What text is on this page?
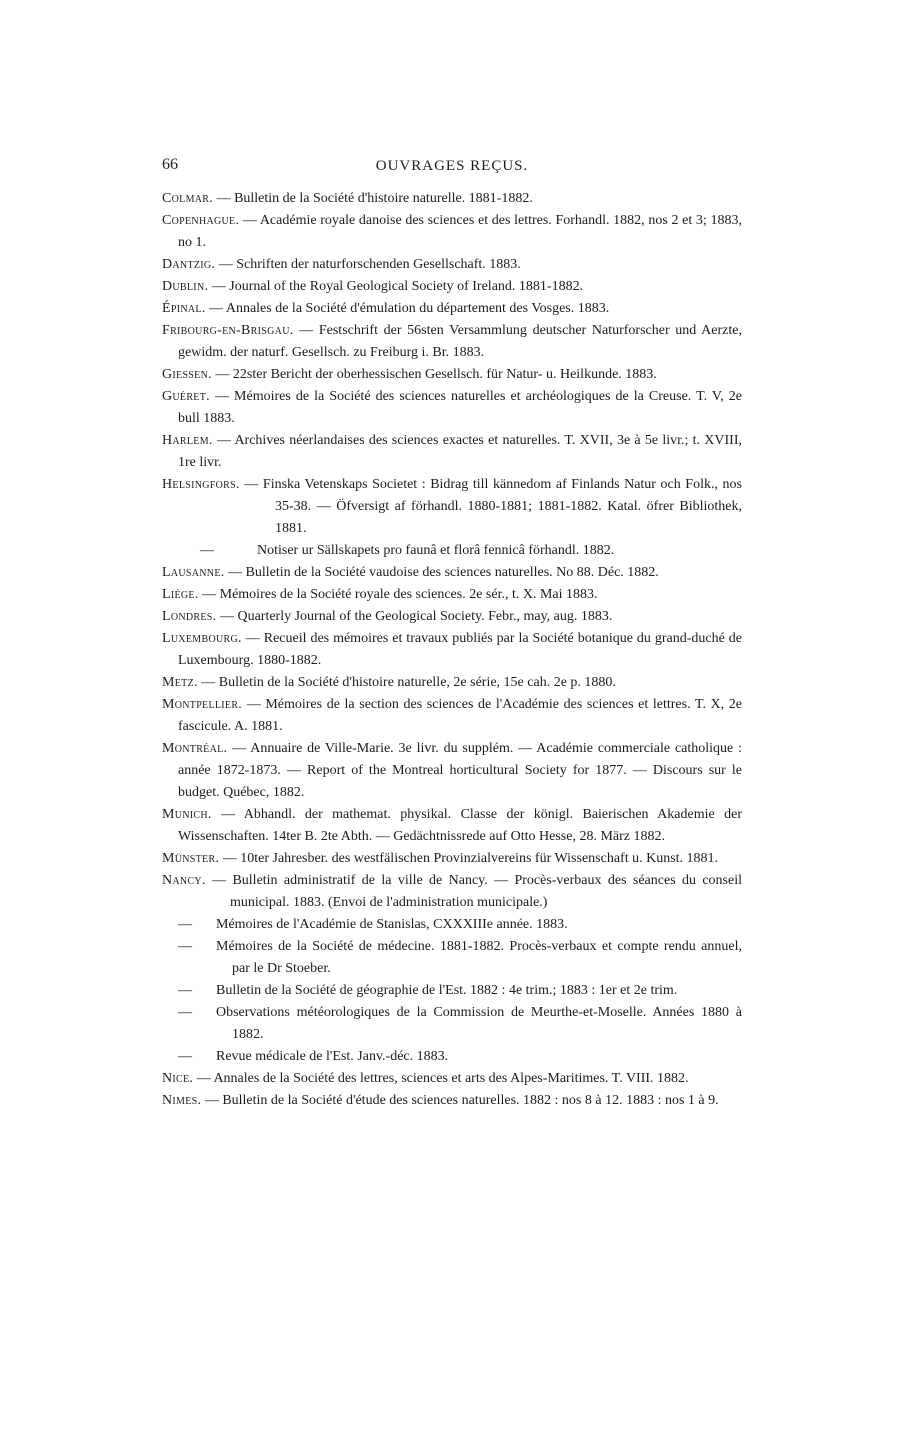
66	OUVRAGES REÇUS.
Colmar. — Bulletin de la Société d'histoire naturelle. 1881-1882.
Copenhague. — Académie royale danoise des sciences et des lettres. Forhandl. 1882, nos 2 et 3; 1883, no 1.
Dantzig. — Schriften der naturforschenden Gesellschaft. 1883.
Dublin. — Journal of the Royal Geological Society of Ireland. 1881-1882.
Épinal. — Annales de la Société d'émulation du département des Vosges. 1883.
Fribourg-en-Brisgau. — Festschrift der 56sten Versammlung deutscher Naturforscher und Aerzte, gewidm. der naturf. Gesellsch. zu Freiburg i. Br. 1883.
Giessen. — 22ster Bericht der oberhessischen Gesellsch. für Natur- u. Heilkunde. 1883.
Guéret. — Mémoires de la Société des sciences naturelles et archéologiques de la Creuse. T. V, 2e bull 1883.
Harlem. — Archives néerlandaises des sciences exactes et naturelles. T. XVII, 3e à 5e livr.; t. XVIII, 1re livr.
Helsingfors. — Finska Vetenskaps Societet : Bidrag till kännedom af Finlands Natur och Folk., nos 35-38. — Öfversigt af förhandl. 1880-1881; 1881-1882. Katal. öfrer Bibliothek, 1881.
—	Notiser ur Sällskapets pro faunâ et florâ fennicâ förhandl. 1882.
Lausanne. — Bulletin de la Société vaudoise des sciences naturelles. No 88. Déc. 1882.
Liége. — Mémoires de la Société royale des sciences. 2e sér., t. X. Mai 1883.
Londres. — Quarterly Journal of the Geological Society. Febr., may, aug. 1883.
Luxembourg. — Recueil des mémoires et travaux publiés par la Société botanique du grand-duché de Luxembourg. 1880-1882.
Metz. — Bulletin de la Société d'histoire naturelle, 2e série, 15e cah. 2e p. 1880.
Montpellier. — Mémoires de la section des sciences de l'Académie des sciences et lettres. T. X, 2e fascicule. A. 1881.
Montréal. — Annuaire de Ville-Marie. 3e livr. du supplém. — Académie commerciale catholique : année 1872-1873. — Report of the Montreal horticultural Society for 1877. — Discours sur le budget. Québec, 1882.
Munich. — Abhandl. der mathemat. physikal. Classe der königl. Baierischen Akademie der Wissenschaften. 14ter B. 2te Abth. — Gedächtnissrede auf Otto Hesse, 28. März 1882.
Münster. — 10ter Jahresber. des westfälischen Provinzialvereins für Wissenschaft u. Kunst. 1881.
Nancy. — Bulletin administratif de la ville de Nancy. — Procès-verbaux des séances du conseil municipal. 1883. (Envoi de l'administration municipale.)
— Mémoires de l'Académie de Stanislas, CXXXIIIe année. 1883.
— Mémoires de la Société de médecine. 1881-1882. Procès-verbaux et compte rendu annuel, par le Dr Stoeber.
— Bulletin de la Société de géographie de l'Est. 1882 : 4e trim.; 1883 : 1er et 2e trim.
— Observations météorologiques de la Commission de Meurthe-et-Moselle. Années 1880 à 1882.
— Revue médicale de l'Est. Janv.-déc. 1883.
Nice. — Annales de la Société des lettres, sciences et arts des Alpes-Maritimes. T. VIII. 1882.
Nimes. — Bulletin de la Société d'étude des sciences naturelles. 1882 : nos 8 à 12. 1883 : nos 1 à 9.
